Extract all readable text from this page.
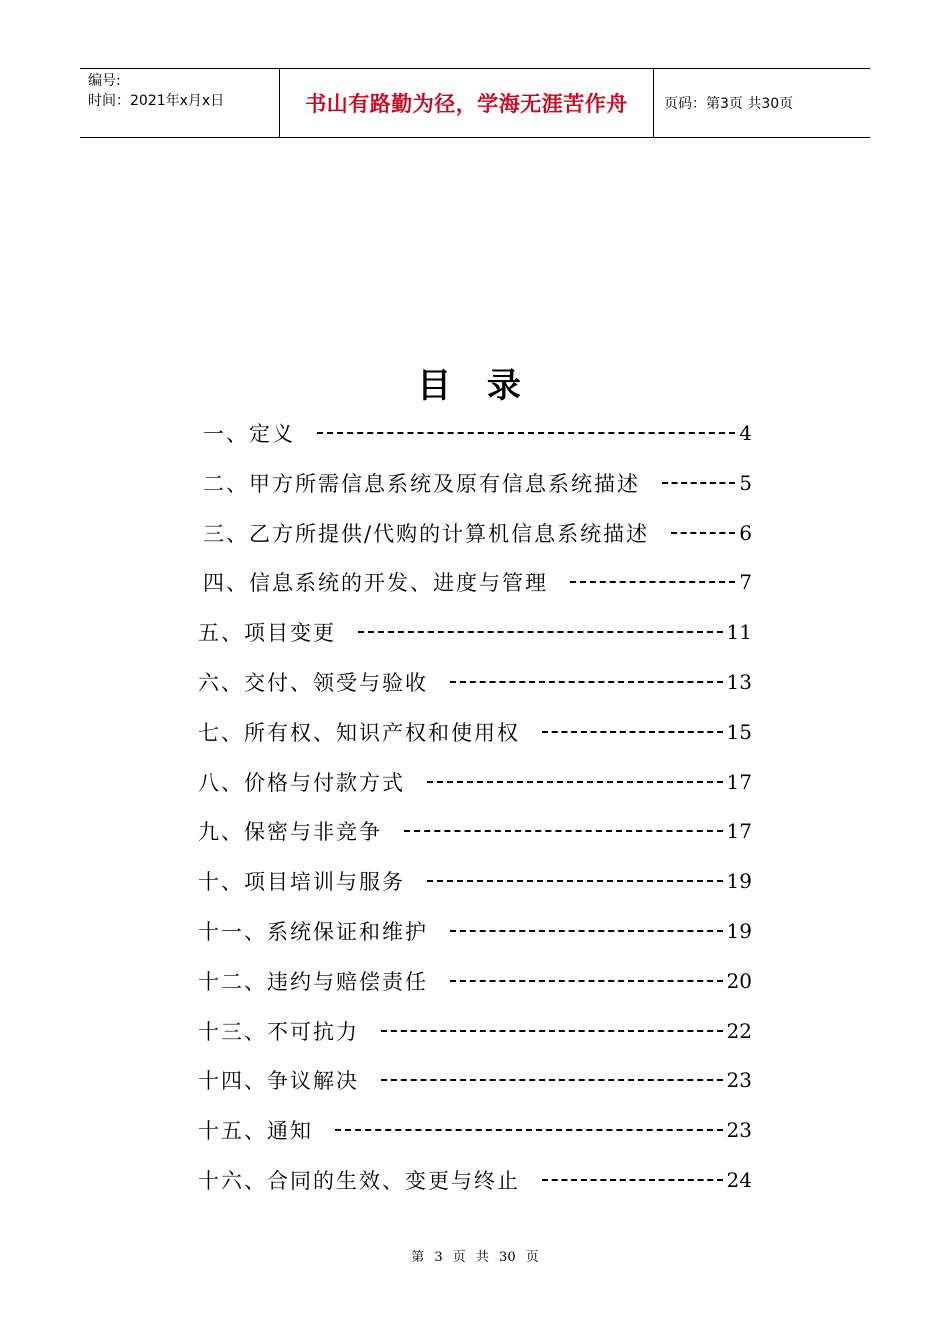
编号:
时间：2021年x月x日	书山有路勤为径，学海无涯苦作舟	页码：第3页 共30页
目 录
一、定义	4
二、甲方所需信息系统及原有信息系统描述	5
三、乙方所提供/代购的计算机信息系统描述	6
四、信息系统的开发、进度与管理	7
五、项目变更	11
六、交付、领受与验收	13
七、所有权、知识产权和使用权	15
八、价格与付款方式	17
九、保密与非竞争	17
十、项目培训与服务	19
十一、系统保证和维护	19
十二、违约与赔偿责任	20
十三、不可抗力	22
十四、争议解决	23
十五、通知	23
十六、合同的生效、变更与终止	24
第 3 页 共 30 页
